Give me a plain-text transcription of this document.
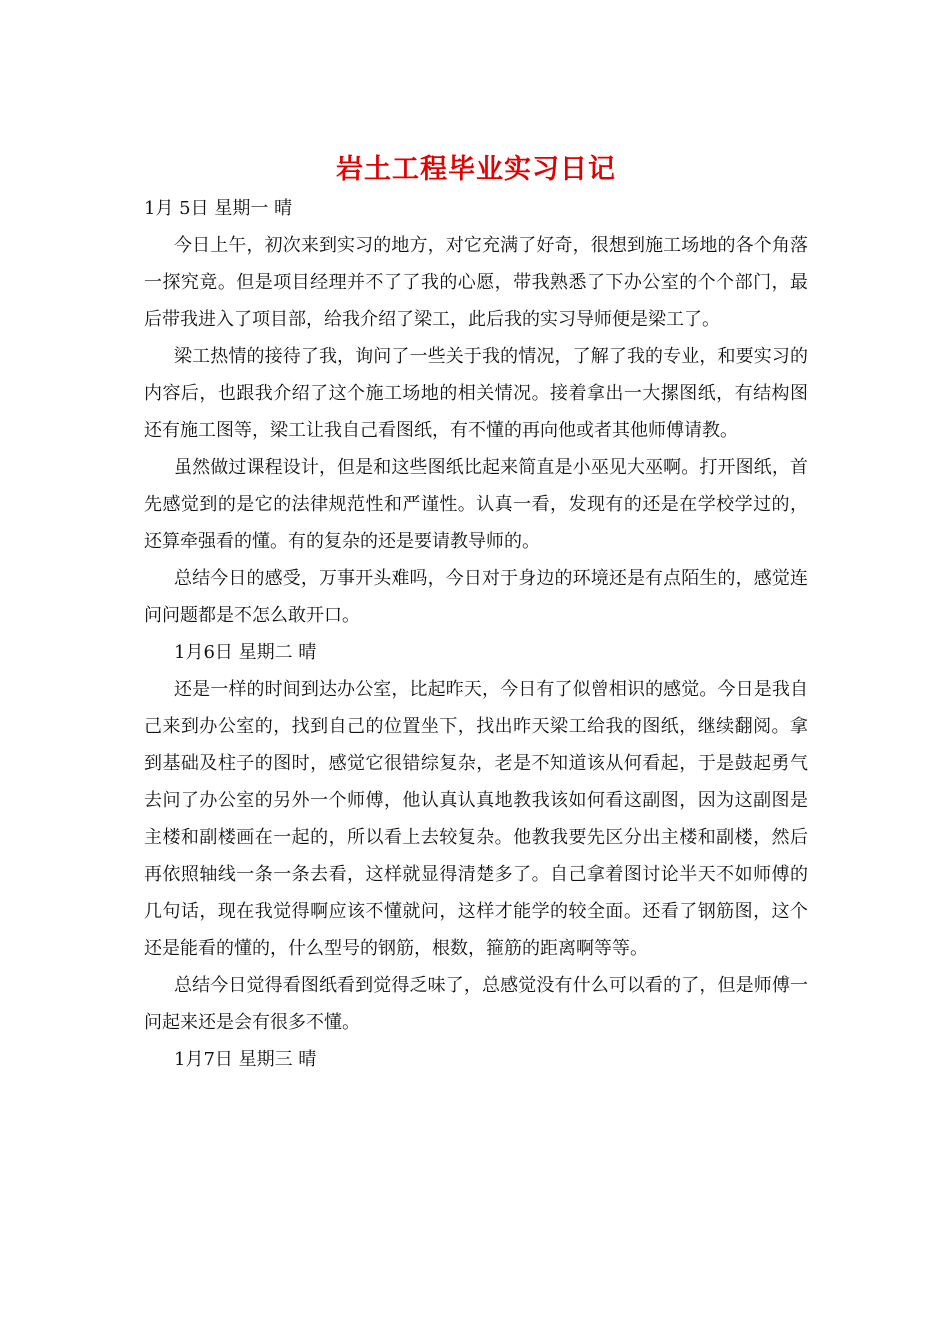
岩土工程毕业实习日记

1月 5日 星期一 晴

今日上午，初次来到实习的地方，对它充满了好奇，很想到施工场地的各个角落一探究竟。但是项目经理并不了了我的心愿，带我熟悉了下办公室的个个部门，最后带我进入了项目部，给我介绍了梁工，此后我的实习导师便是梁工了。

梁工热情的接待了我，询问了一些关于我的情况，了解了我的专业，和要实习的内容后，也跟我介绍了这个施工场地的相关情况。接着拿出一大摞图纸，有结构图还有施工图等，梁工让我自己看图纸，有不懂的再向他或者其他师傅请教。

虽然做过课程设计，但是和这些图纸比起来简直是小巫见大巫啊。打开图纸，首先感觉到的是它的法律规范性和严谨性。认真一看，发现有的还是在学校学过的，还算牵强看的懂。有的复杂的还是要请教导师的。

总结今日的感受，万事开头难吗，今日对于身边的环境还是有点陌生的，感觉连问问题都是不怎么敢开口。

1月6日 星期二 晴

还是一样的时间到达办公室，比起昨天，今日有了似曾相识的感觉。今日是我自己来到办公室的，找到自己的位置坐下，找出昨天梁工给我的图纸，继续翻阅。拿到基础及柱子的图时，感觉它很错综复杂，老是不知道该从何看起，于是鼓起勇气去问了办公室的另外一个师傅，他认真认真地教我该如何看这副图，因为这副图是主楼和副楼画在一起的，所以看上去较复杂。他教我要先区分出主楼和副楼，然后再依照轴线一条一条去看，这样就显得清楚多了。自己拿着图讨论半天不如师傅的几句话，现在我觉得啊应该不懂就问，这样才能学的较全面。还看了钢筋图，这个还是能看的懂的，什么型号的钢筋，根数，箍筋的距离啊等等。

总结今日觉得看图纸看到觉得乏味了，总感觉没有什么可以看的了，但是师傅一问起来还是会有很多不懂。

1月7日 星期三 晴
